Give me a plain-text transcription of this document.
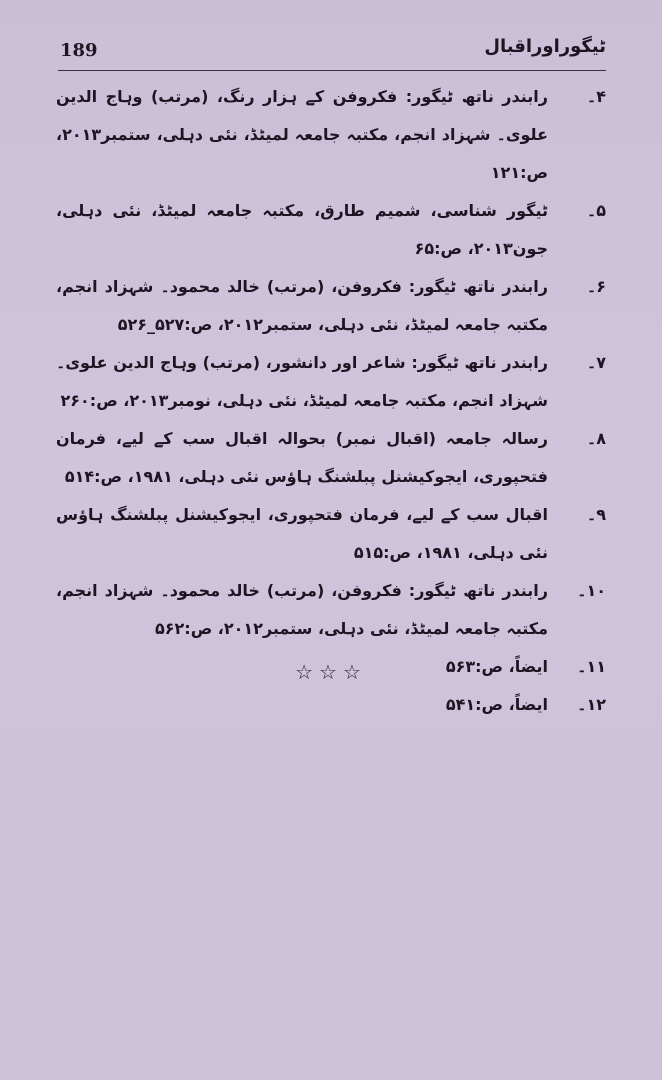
189	ٹیگوراوراقبال
۴۔
رابندر ناتھ ٹیگور: فکروفن کے ہزار رنگ، (مرتب) وہاج الدین علوی۔ شہزاد انجم، مکتبہ جامعہ لمیٹڈ، نئی دہلی، ستمبر۲۰۱۳، ص:۱۲۱
۵۔
ٹیگور شناسی، شمیم طارق، مکتبہ جامعہ لمیٹڈ، نئی دہلی، جون۲۰۱۳، ص:۶۵
۶۔
رابندر ناتھ ٹیگور: فکروفن، (مرتب) خالد محمود۔ شہزاد انجم، مکتبہ جامعہ لمیٹڈ، نئی دہلی، ستمبر۲۰۱۲، ص:۵۲۷_۵۲۶
۷۔
رابندر ناتھ ٹیگور: شاعر اور دانشور، (مرتب) وہاج الدین علوی۔ شہزاد انجم، مکتبہ جامعہ لمیٹڈ، نئی دہلی، نومبر۲۰۱۳، ص:۲۶۰
۸۔
رسالہ جامعہ (اقبال نمبر) بحوالہ اقبال سب کے لیے، فرمان فتحپوری، ایجوکیشنل پبلشنگ ہاؤس نئی دہلی، ۱۹۸۱، ص:۵۱۴
۹۔
اقبال سب کے لیے، فرمان فتحپوری، ایجوکیشنل پبلشنگ ہاؤس نئی دہلی، ۱۹۸۱، ص:۵۱۵
۱۰۔
رابندر ناتھ ٹیگور: فکروفن، (مرتب) خالد محمود۔ شہزاد انجم، مکتبہ جامعہ لمیٹڈ، نئی دہلی، ستمبر۲۰۱۲، ص:۵۶۲
۱۱۔
ایضاً، ص:۵۶۳
۱۲۔
ایضاً، ص:۵۴۱
☆☆☆
